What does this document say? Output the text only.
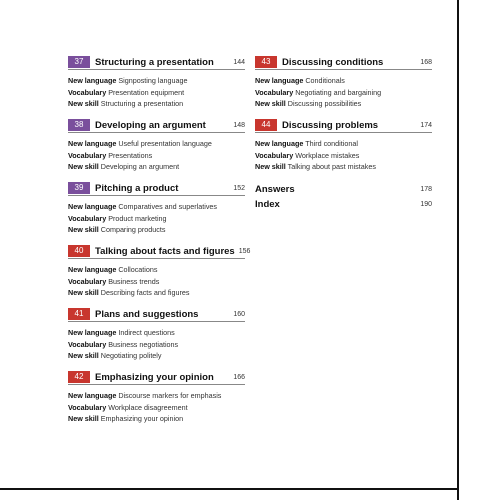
37	Structuring a presentation	144
New language Signposting language
Vocabulary Presentation equipment
New skill Structuring a presentation
38	Developing an argument	148
New language Useful presentation language
Vocabulary Presentations
New skill Developing an argument
39	Pitching a product	152
New language Comparatives and superlatives
Vocabulary Product marketing
New skill Comparing products
40	Talking about facts and figures 156
New language Collocations
Vocabulary Business trends
New skill Describing facts and figures
41	Plans and suggestions	160
New language Indirect questions
Vocabulary Business negotiations
New skill Negotiating politely
42	Emphasizing your opinion	166
New language Discourse markers for emphasis
Vocabulary Workplace disagreement
New skill Emphasizing your opinion
43	Discussing conditions	168
New language Conditionals
Vocabulary Negotiating and bargaining
New skill Discussing possibilities
44	Discussing problems	174
New language Third conditional
Vocabulary Workplace mistakes
New skill Talking about past mistakes
Answers	178
Index	190
